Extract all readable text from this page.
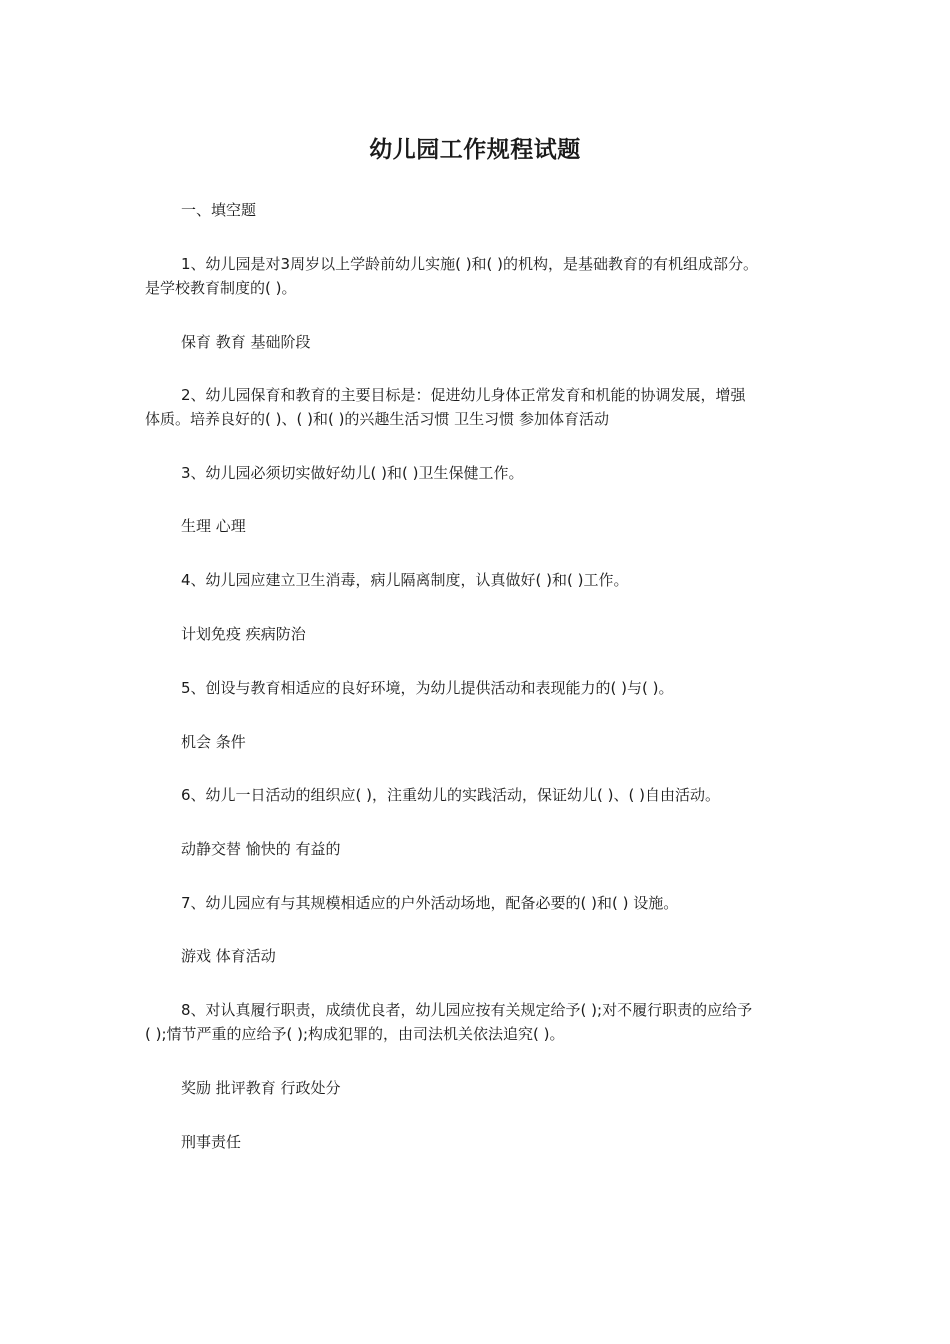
幼儿园工作规程试题
一、填空题
1、幼儿园是对3周岁以上学龄前幼儿实施( )和( )的机构，是基础教育的有机组成部分。
是学校教育制度的( )。
保育 教育 基础阶段
2、幼儿园保育和教育的主要目标是：促进幼儿身体正常发育和机能的协调发展，增强
体质。培养良好的( )、( )和( )的兴趣生活习惯 卫生习惯 参加体育活动
3、幼儿园必须切实做好幼儿( )和( )卫生保健工作。
生理 心理
4、幼儿园应建立卫生消毒，病儿隔离制度，认真做好( )和( )工作。
计划免疫 疾病防治
5、创设与教育相适应的良好环境，为幼儿提供活动和表现能力的( )与( )。
机会 条件
6、幼儿一日活动的组织应( )，注重幼儿的实践活动，保证幼儿( )、( )自由活动。
动静交替 愉快的 有益的
7、幼儿园应有与其规模相适应的户外活动场地，配备必要的( )和( ) 设施。
游戏 体育活动
8、对认真履行职责，成绩优良者，幼儿园应按有关规定给予( );对不履行职责的应给予
( );情节严重的应给予( );构成犯罪的，由司法机关依法追究( )。
奖励 批评教育 行政处分
刑事责任
